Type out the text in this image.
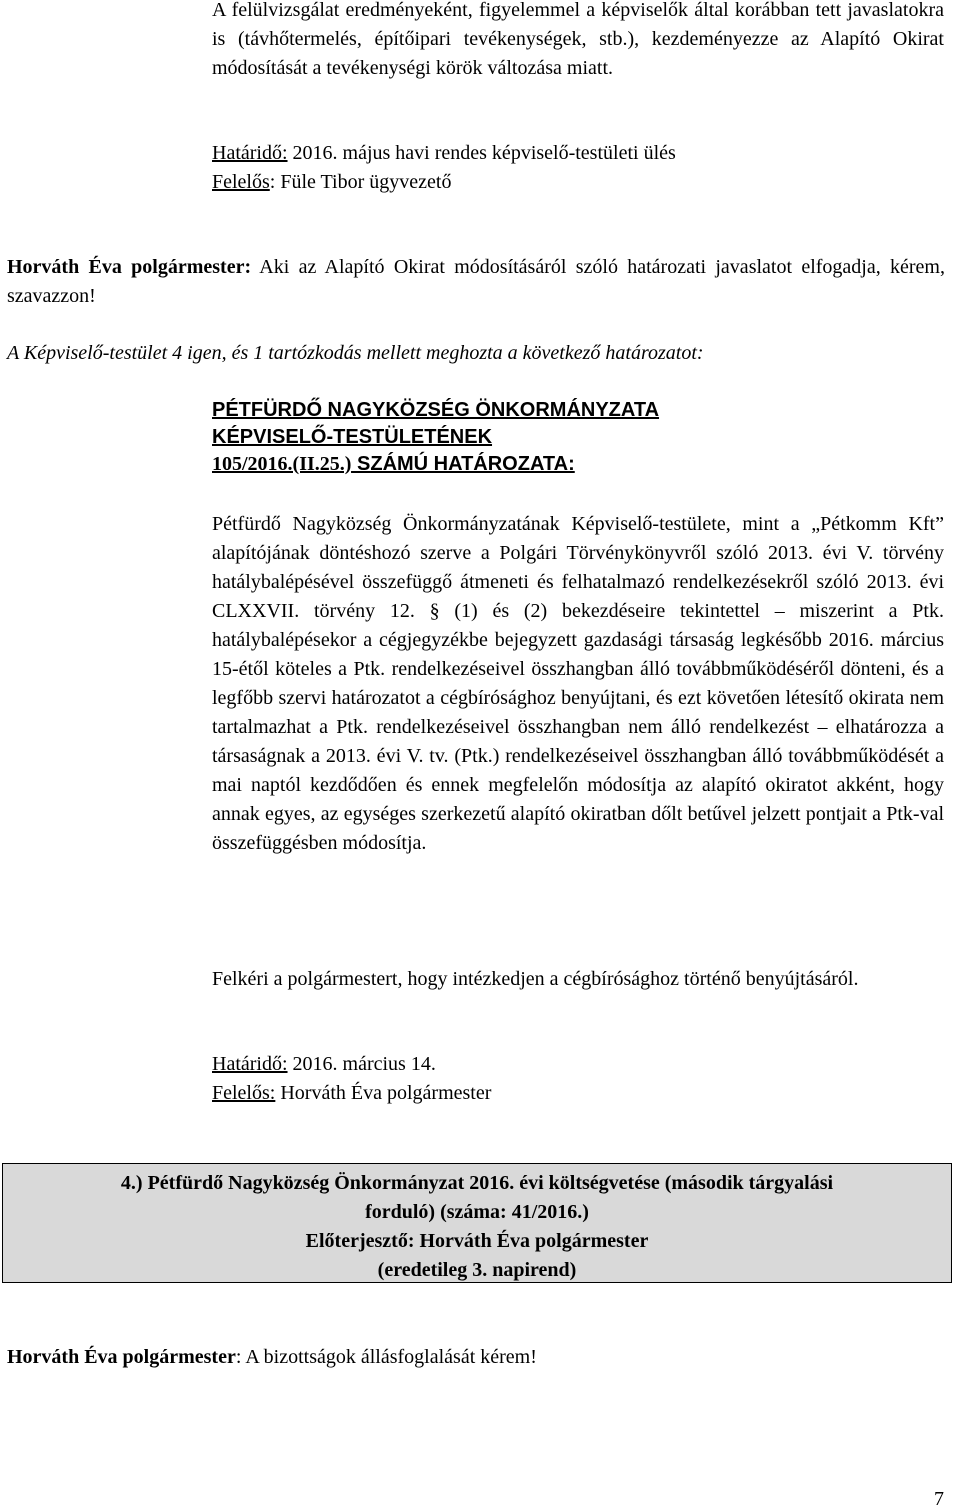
A felülvizsgálat eredményeként, figyelemmel a képviselők által korábban tett javaslatokra is (távhőtermelés, építőipari tevékenységek, stb.), kezdeményezze az Alapító Okirat módosítását a tevékenységi körök változása miatt.

Határidő: 2016. május havi rendes képviselő-testületi ülés
Felelős: Füle Tibor ügyvezető
Horváth Éva polgármester: Aki az Alapító Okirat módosításáról szóló határozati javaslatot elfogadja, kérem, szavazzon!
A Képviselő-testület 4 igen, és 1 tartózkodás mellett meghozta a következő határozatot:
PÉTFÜRDŐ NAGYKÖZSÉG ÖNKORMÁNYZATA
KÉPVISELŐ-TESTÜLETÉNEK
105/2016.(II.25.) SZÁMÚ HATÁROZATA:

Pétfürdő Nagyközség Önkormányzatának Képviselő-testülete, mint a „Pétkomm Kft” alapítójának döntéshozó szerve a Polgári Törvénykönyvről szóló 2013. évi V. törvény hatálybalépésével összefüggő átmeneti és felhatalmazó rendelkezésekről szóló 2013. évi CLXXVII. törvény 12. § (1) és (2) bekezdéseire tekintettel – miszerint a Ptk. hatálybalépésekor a cégjegyzékbe bejegyzett gazdasági társaság legkésőbb 2016. március 15-étől köteles a Ptk. rendelkezéseivel összhangban álló továbbműködéséről dönteni, és a legfőbb szervi határozatot a cégbírósághoz benyújtani, és ezt követően létesítő okirata nem tartalmazhat a Ptk. rendelkezéseivel összhangban nem álló rendelkezést – elhatározza a társaságnak a 2013. évi V. tv. (Ptk.) rendelkezéseivel összhangban álló továbbműködését a mai naptól kezdődően és ennek megfelelőn módosítja az alapító okiratot akként, hogy annak egyes, az egységes szerkezetű alapító okiratban dőlt betűvel jelzett pontjait a Ptk-val összefüggésben módosítja.

Felkéri a polgármestert, hogy intézkedjen a cégbírósághoz történő benyújtásáról.

Határidő: 2016. március 14.
Felelős: Horváth Éva polgármester
4.) Pétfürdő Nagyközség Önkormányzat 2016. évi költségvetése (második tárgyalási
forduló) (száma: 41/2016.)
Előterjesztő: Horváth Éva polgármester
(eredetileg 3. napirend)
Horváth Éva polgármester: A bizottságok állásfoglalását kérem!
7
